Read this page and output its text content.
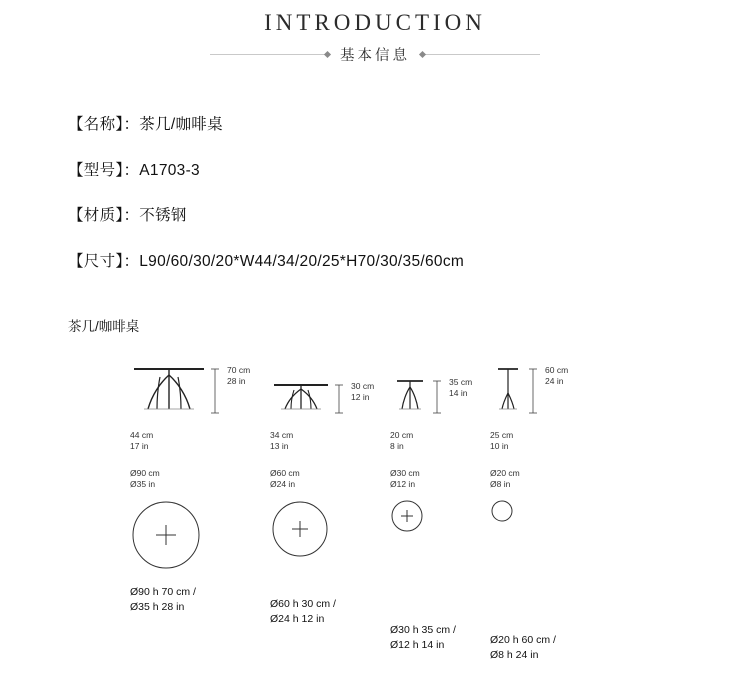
INTRODUCTION
基本信息
【名称】：茶几/咖啡桌
【型号】：A1703-3
【材质】：不锈钢
【尺寸】：L90/60/30/20*W44/34/20/25*H70/30/35/60cm
茶几/咖啡桌
70 cm
28 in
44 cm
17 in
Ø90 cm
Ø35 in
Ø90 h 70 cm /
Ø35 h 28 in
30 cm
12 in
34 cm
13 in
Ø60 cm
Ø24 in
Ø60 h 30 cm /
Ø24 h 12 in
35 cm
14 in
20 cm
8 in
Ø30 cm
Ø12 in
Ø30 h 35 cm /
Ø12 h 14 in
60 cm
24 in
25 cm
10 in
Ø20 cm
Ø8 in
Ø20 h 60 cm /
Ø8 h 24 in
